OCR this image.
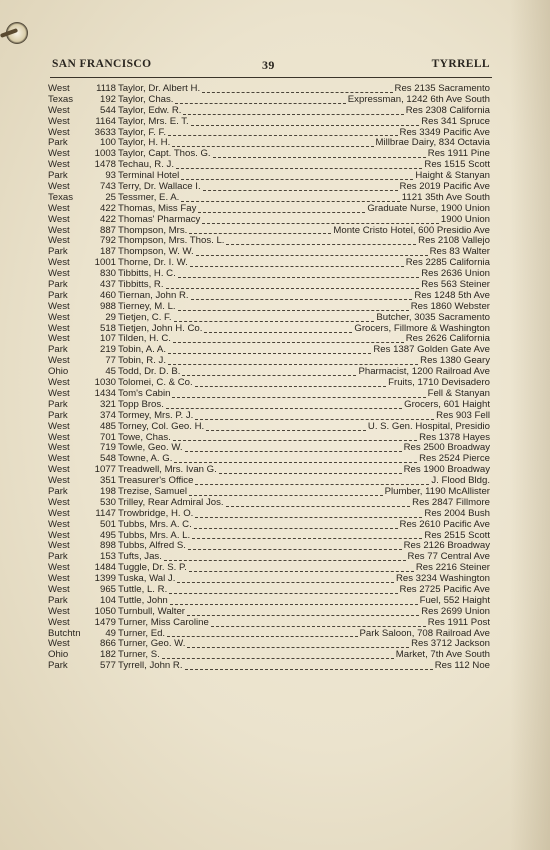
SAN FRANCISCO	39	TYRRELL
West	1118 Taylor, Dr. Albert H.	Res 2135 Sacramento
Texas	192 Taylor, Chas.	Expressman, 1242 6th Ave South
West	544 Taylor, Edw. R.	Res 2308 California
West	1164 Taylor, Mrs. E. T.	Res 341 Spruce
West	3633 Taylor, F. F.	Res 3349 Pacific Ave
Park	100 Taylor, H. H.	Millbrae Dairy, 834 Octavia
West	1003 Taylor, Capt. Thos. G.	Res 1911 Pine
West	1478 Techau, R. J.	Res 1515 Scott
Park	93 Terminal Hotel	Haight & Stanyan
West	743 Terry, Dr. Wallace I.	Res 2019 Pacific Ave
Texas	25 Tessmer, E. A.	1121 35th Ave South
West	422 Thomas, Miss Fay	Graduate Nurse, 1900 Union
West	422 Thomas' Pharmacy	1900 Union
West	887 Thompson, Mrs.	Monte Cristo Hotel, 600 Presidio Ave
West	792 Thompson, Mrs. Thos. L.	Res 2108 Vallejo
Park	187 Thompson, W. W.	Res 83 Walter
West	1001 Thorne, Dr. I. W.	Res 2285 California
West	830 Tibbitts, H. C.	Res 2636 Union
Park	437 Tibbitts, R.	Res 563 Steiner
Park	460 Tiernan, John R.	Res 1248 5th Ave
West	988 Tierney, M. L.	Res 1860 Webster
West	29 Tietjen, C. F.	Butcher, 3035 Sacramento
West	518 Tietjen, John H. Co.	Grocers, Fillmore & Washington
West	107 Tilden, H. C.	Res 2626 California
Park	219 Tobin, A. A.	Res 1387 Golden Gate Ave
West	77 Tobin, R. J.	Res 1380 Geary
Ohio	45 Todd, Dr. D. B.	Pharmacist, 1200 Railroad Ave
West	1030 Tolomei, C. & Co.	Fruits, 1710 Devisadero
West	1434 Tom's Cabin	Fell & Stanyan
Park	321 Topp Bros.	Grocers, 601 Haight
Park	374 Tormey, Mrs. P. J.	Res 903 Fell
West	485 Torney, Col. Geo. H.	U. S. Gen. Hospital, Presidio
West	701 Towe, Chas.	Res 1378 Hayes
West	719 Towle, Geo. W.	Res 2500 Broadway
West	548 Towne, A. G.	Res 2524 Pierce
West	1077 Treadwell, Mrs. Ivan G.	Res 1900 Broadway
West	351 Treasurer's Office	J. Flood Bldg.
Park	198 Trezise, Samuel	Plumber, 1190 McAllister
West	530 Trilley, Rear Admiral Jos.	Res 2847 Fillmore
West	1147 Trowbridge, H. O.	Res 2004 Bush
West	501 Tubbs, Mrs. A. C.	Res 2610 Pacific Ave
West	495 Tubbs, Mrs. A. L.	Res 2515 Scott
West	898 Tubbs, Alfred S.	Res 2126 Broadway
Park	153 Tufts, Jas.	Res 77 Central Ave
West	1484 Tuggle, Dr. S. P.	Res 2216 Steiner
West	1399 Tuska, Wal J.	Res 3234 Washington
West	965 Tuttle, L. R.	Res 2725 Pacific Ave
Park	104 Tuttle, John	Fuel, 552 Haight
West	1050 Turnbull, Walter	Res 2699 Union
West	1479 Turner, Miss Caroline	Res 1911 Post
Butchtn	49 Turner, Ed.	Park Saloon, 708 Railroad Ave
West	866 Turner, Geo. W.	Res 3712 Jackson
Ohio	182 Turner, S.	Market, 7th Ave South
Park	577 Tyrrell, John R.	Res 112 Noe
